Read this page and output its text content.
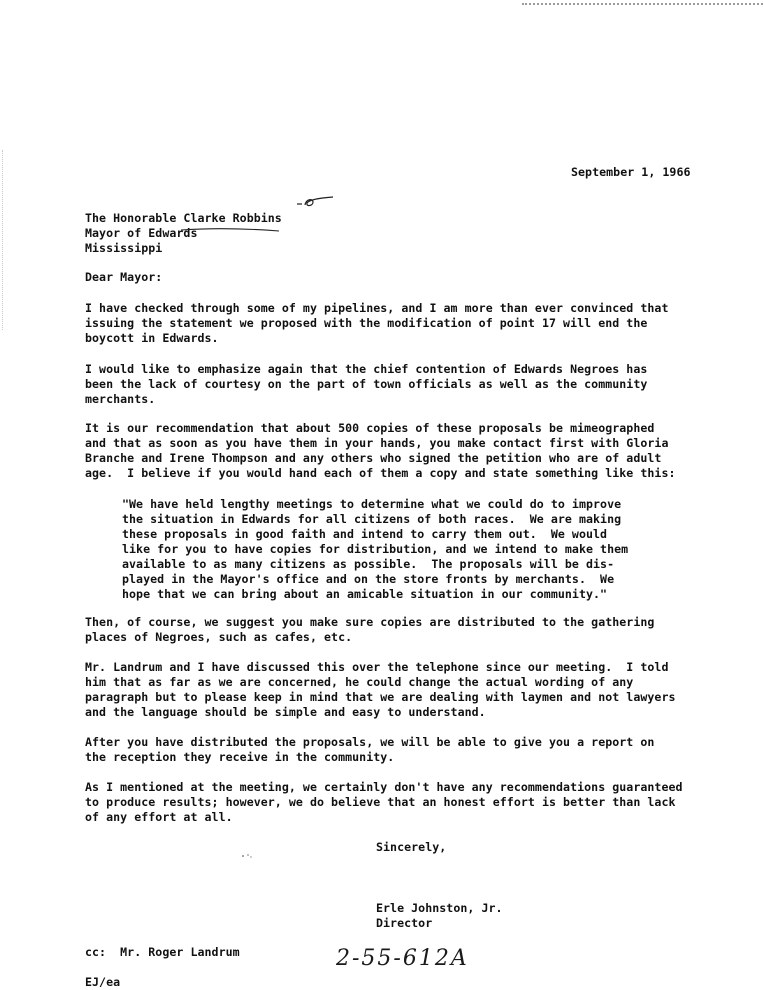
September 1, 1966
The Honorable Clarke Robbins
Mayor of Edwards
Mississippi
Dear Mayor:
I have checked through some of my pipelines, and I am more than ever convinced that
issuing the statement we proposed with the modification of point 17 will end the
boycott in Edwards.
I would like to emphasize again that the chief contention of Edwards Negroes has
been the lack of courtesy on the part of town officials as well as the community
merchants.
It is our recommendation that about 500 copies of these proposals be mimeographed
and that as soon as you have them in your hands, you make contact first with Gloria
Branche and Irene Thompson and any others who signed the petition who are of adult
age.  I believe if you would hand each of them a copy and state something like this:
"We have held lengthy meetings to determine what we could do to improve
the situation in Edwards for all citizens of both races.  We are making
these proposals in good faith and intend to carry them out.  We would
like for you to have copies for distribution, and we intend to make them
available to as many citizens as possible.  The proposals will be dis-
played in the Mayor's office and on the store fronts by merchants.  We
hope that we can bring about an amicable situation in our community."
Then, of course, we suggest you make sure copies are distributed to the gathering
places of Negroes, such as cafes, etc.
Mr. Landrum and I have discussed this over the telephone since our meeting.  I told
him that as far as we are concerned, he could change the actual wording of any
paragraph but to please keep in mind that we are dealing with laymen and not lawyers
and the language should be simple and easy to understand.
After you have distributed the proposals, we will be able to give you a report on
the reception they receive in the community.
As I mentioned at the meeting, we certainly don't have any recommendations guaranteed
to produce results; however, we do believe that an honest effort is better than lack
of any effort at all.
Sincerely,
Erle Johnston, Jr.
Director
cc:  Mr. Roger Landrum	2-55-612A
EJ/ea
